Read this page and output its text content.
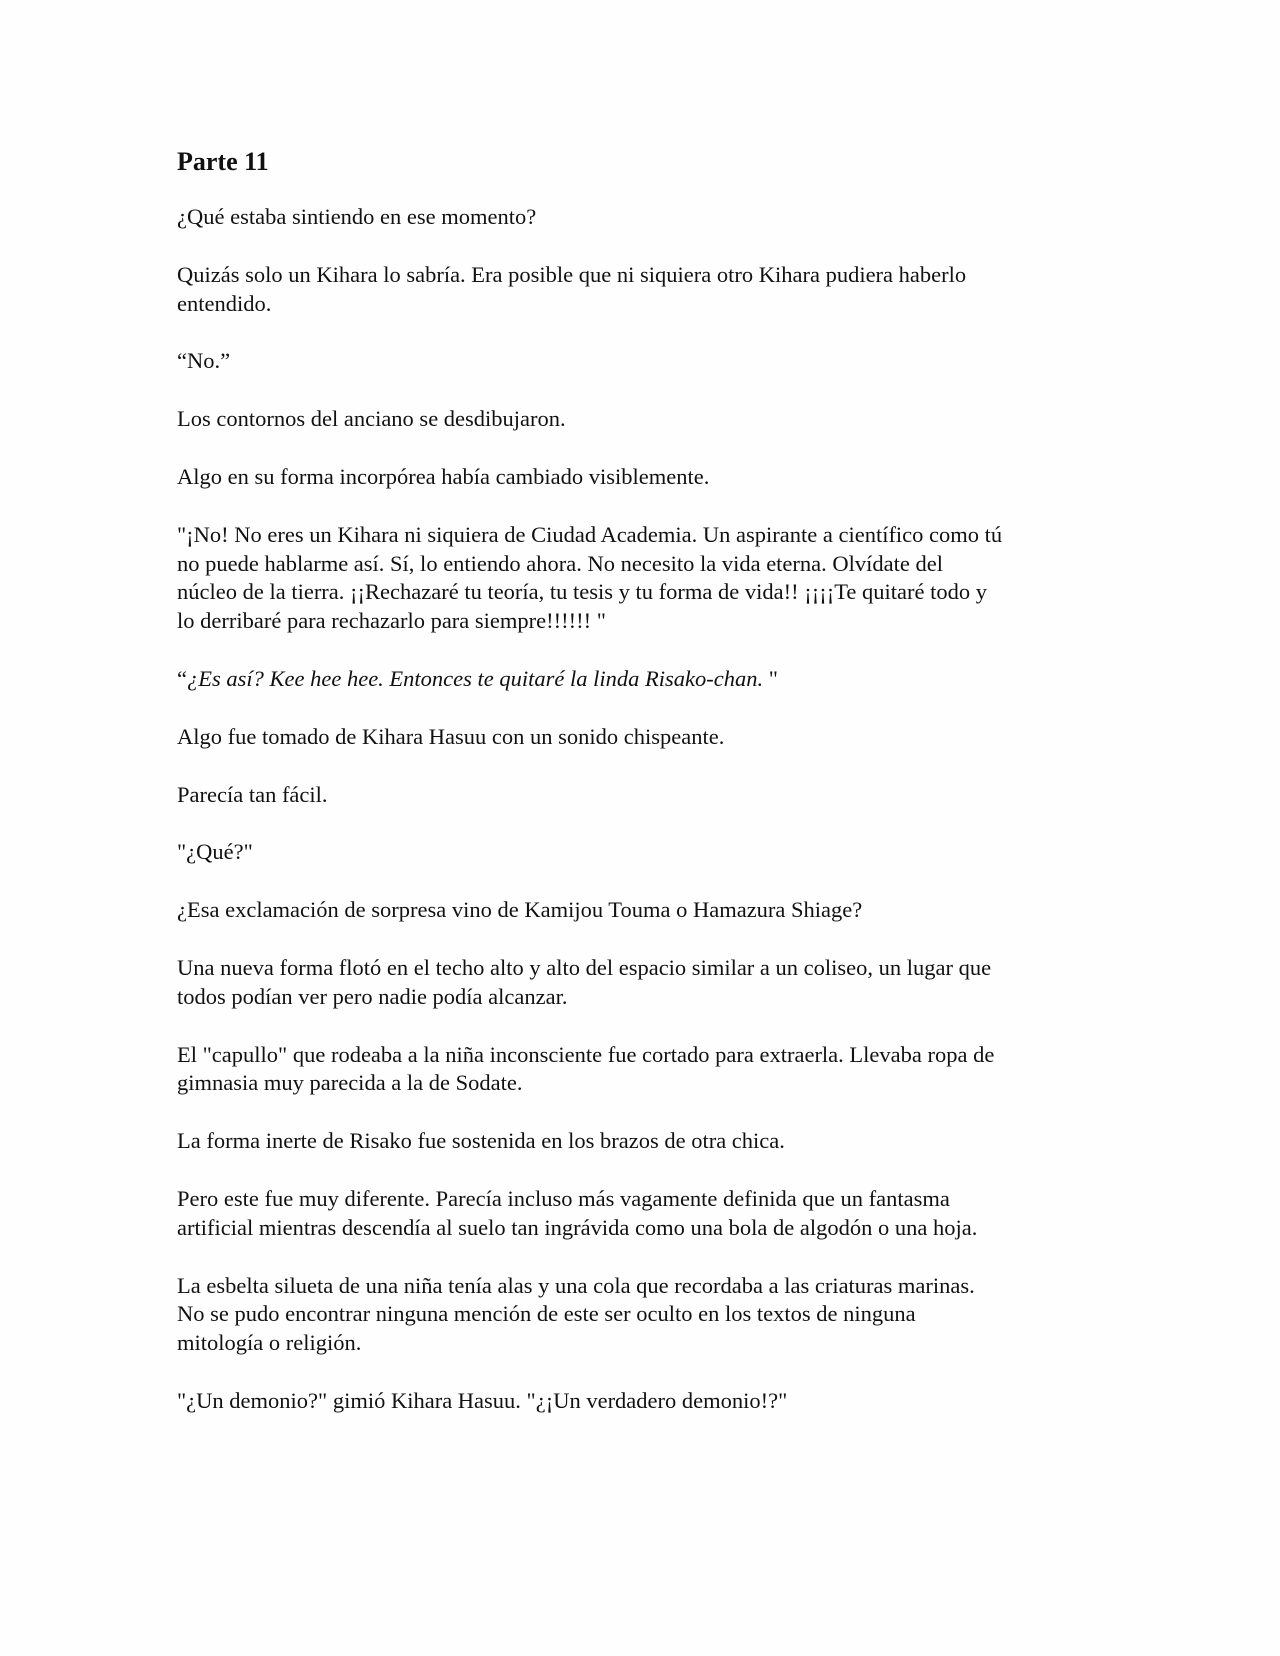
Parte 11

¿Qué estaba sintiendo en ese momento?

Quizás solo un Kihara lo sabría. Era posible que ni siquiera otro Kihara pudiera haberlo
entendido.

“No.”

Los contornos del anciano se desdibujaron.

Algo en su forma incorpórea había cambiado visiblemente.

"¡No! No eres un Kihara ni siquiera de Ciudad Academia. Un aspirante a científico como tú
no puede hablarme así. Sí, lo entiendo ahora. No necesito la vida eterna. Olvídate del
núcleo de la tierra. ¡¡Rechazaré tu teoría, tu tesis y tu forma de vida!! ¡¡¡¡Te quitaré todo y
lo derribaré para rechazarlo para siempre!!!!!! "

“¿Es así? Kee hee hee. Entonces te quitaré la linda Risako-chan. "

Algo fue tomado de Kihara Hasuu con un sonido chispeante.

Parecía tan fácil.

"¿Qué?"

¿Esa exclamación de sorpresa vino de Kamijou Touma o Hamazura Shiage?

Una nueva forma flotó en el techo alto y alto del espacio similar a un coliseo, un lugar que
todos podían ver pero nadie podía alcanzar.

El "capullo" que rodeaba a la niña inconsciente fue cortado para extraerla. Llevaba ropa de
gimnasia muy parecida a la de Sodate.

La forma inerte de Risako fue sostenida en los brazos de otra chica.

Pero este fue muy diferente. Parecía incluso más vagamente definida que un fantasma
artificial mientras descendía al suelo tan ingrávida como una bola de algodón o una hoja.

La esbelta silueta de una niña tenía alas y una cola que recordaba a las criaturas marinas.
No se pudo encontrar ninguna mención de este ser oculto en los textos de ninguna
mitología o religión.

"¿Un demonio?" gimió Kihara Hasuu. "¿¡Un verdadero demonio!?"
